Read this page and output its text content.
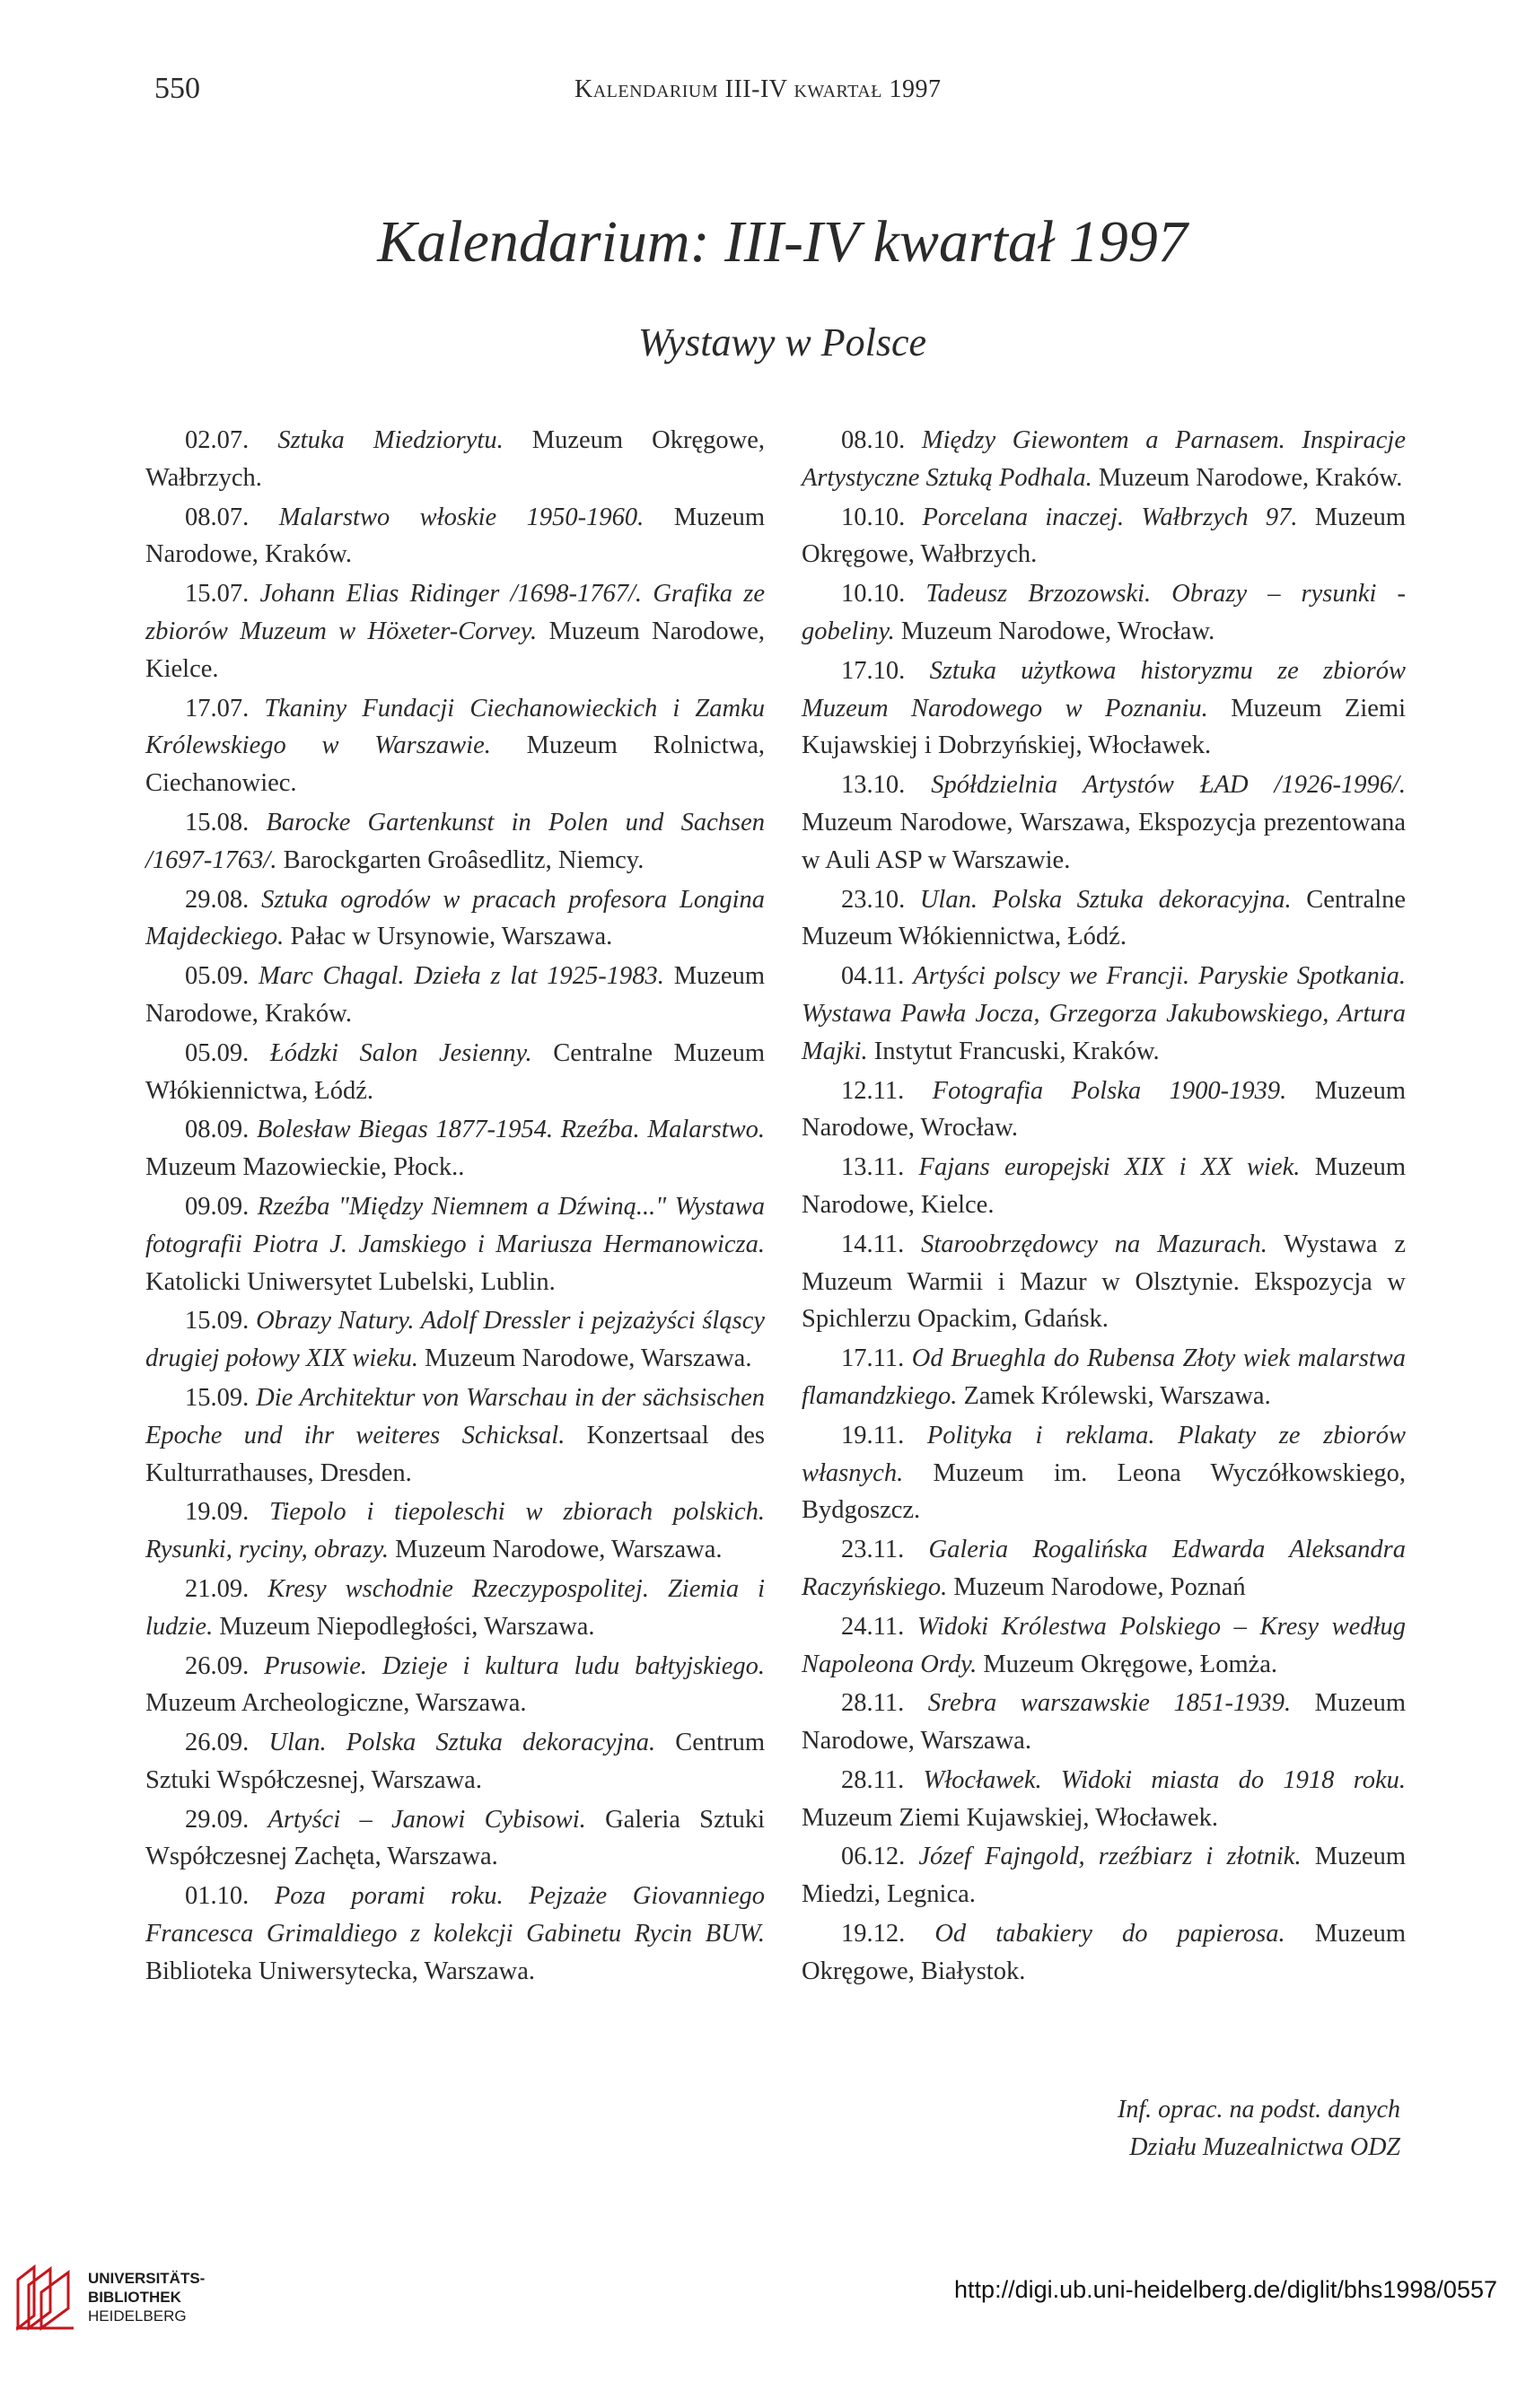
550	Kalendarium III-IV kwartał 1997
Kalendarium: III-IV kwartał 1997
Wystawy w Polsce

02.07. Sztuka Miedziorytu. Muzeum Okręgowe, Wałbrzych.

08.07. Malarstwo włoskie 1950-1960. Muzeum Narodowe, Kraków.

15.07. Johann Elias Ridinger /1698-1767/. Grafika ze zbiorów Muzeum w Höxeter-Corvey. Muzeum Narodowe, Kielce.

17.07. Tkaniny Fundacji Ciechanowieckich i Zamku Królewskiego w Warszawie. Muzeum Rolnictwa, Ciechanowiec.

15.08. Barocke Gartenkunst in Polen und Sachsen /1697-1763/. Barockgarten Groâsedlitz, Niemcy.

29.08. Sztuka ogrodów w pracach profesora Longina Majdeckiego. Pałac w Ursynowie, Warszawa.

05.09. Marc Chagal. Dzieła z lat 1925-1983. Muzeum Narodowe, Kraków.

05.09. Łódzki Salon Jesienny. Centralne Muzeum Włókiennictwa, Łódź.

08.09. Bolesław Biegas 1877-1954. Rzeźba. Malarstwo. Muzeum Mazowieckie, Płock..

09.09. Rzeźba "Między Niemnem a Dźwiną..." Wystawa fotografii Piotra J. Jamskiego i Mariusza Hermanowicza. Katolicki Uniwersytet Lubelski, Lublin.

15.09. Obrazy Natury. Adolf Dressler i pejzażyści śląscy drugiej połowy XIX wieku. Muzeum Narodowe, Warszawa.

15.09. Die Architektur von Warschau in der sächsischen Epoche und ihr weiteres Schicksal. Konzertsaal des Kulturrathauses, Dresden.

19.09. Tiepolo i tiepoleschi w zbiorach polskich. Rysunki, ryciny, obrazy. Muzeum Narodowe, Warszawa.

21.09. Kresy wschodnie Rzeczypospolitej. Ziemia i ludzie. Muzeum Niepodległości, Warszawa.

26.09. Prusowie. Dzieje i kultura ludu bałtyjskiego. Muzeum Archeologiczne, Warszawa.

26.09. Ulan. Polska Sztuka dekoracyjna. Centrum Sztuki Współczesnej, Warszawa.

29.09. Artyści – Janowi Cybisowi. Galeria Sztuki Współczesnej Zachęta, Warszawa.

01.10. Poza porami roku. Pejzaże Giovanniego Francesca Grimaldiego z kolekcji Gabinetu Rycin BUW. Biblioteka Uniwersytecka, Warszawa.

08.10. Między Giewontem a Parnasem. Inspiracje Artystyczne Sztuką Podhala. Muzeum Narodowe, Kraków.

10.10. Porcelana inaczej. Wałbrzych 97. Muzeum Okręgowe, Wałbrzych.

10.10. Tadeusz Brzozowski. Obrazy – rysunki - gobeliny. Muzeum Narodowe, Wrocław.

17.10. Sztuka użytkowa historyzmu ze zbiorów Muzeum Narodowego w Poznaniu. Muzeum Ziemi Kujawskiej i Dobrzyńskiej, Włocławek.

13.10. Spółdzielnia Artystów ŁAD /1926-1996/. Muzeum Narodowe, Warszawa, Ekspozycja prezentowana w Auli ASP w Warszawie.

23.10. Ulan. Polska Sztuka dekoracyjna. Centralne Muzeum Włókiennictwa, Łódź.

04.11. Artyści polscy we Francji. Paryskie Spotkania. Wystawa Pawła Jocza, Grzegorza Jakubowskiego, Artura Majki. Instytut Francuski, Kraków.

12.11. Fotografia Polska 1900-1939. Muzeum Narodowe, Wrocław.

13.11. Fajans europejski XIX i XX wiek. Muzeum Narodowe, Kielce.

14.11. Staroobrzędowcy na Mazurach. Wystawa z Muzeum Warmii i Mazur w Olsztynie. Ekspozycja w Spichlerzu Opackim, Gdańsk.

17.11. Od Brueghla do Rubensa Złoty wiek malarstwa flamandzkiego. Zamek Królewski, Warszawa.

19.11. Polityka i reklama. Plakaty ze zbiorów własnych. Muzeum im. Leona Wyczółkowskiego, Bydgoszcz.

23.11. Galeria Rogalińska Edwarda Aleksandra Raczyńskiego. Muzeum Narodowe, Poznań

24.11. Widoki Królestwa Polskiego – Kresy według Napoleona Ordy. Muzeum Okręgowe, Łomża.

28.11. Srebra warszawskie 1851-1939. Muzeum Narodowe, Warszawa.

28.11. Włocławek. Widoki miasta do 1918 roku. Muzeum Ziemi Kujawskiej, Włocławek.

06.12. Józef Fajngold, rzeźbiarz i złotnik. Muzeum Miedzi, Legnica.

19.12. Od tabakiery do papierosa. Muzeum Okręgowe, Białystok.

Inf. oprac. na podst. danych
Działu Muzealnictwa ODZ
UNIVERSITÄTS-
BIBLIOTHEK
HEIDELBERG
http://digi.ub.uni-heidelberg.de/diglit/bhs1998/0557
